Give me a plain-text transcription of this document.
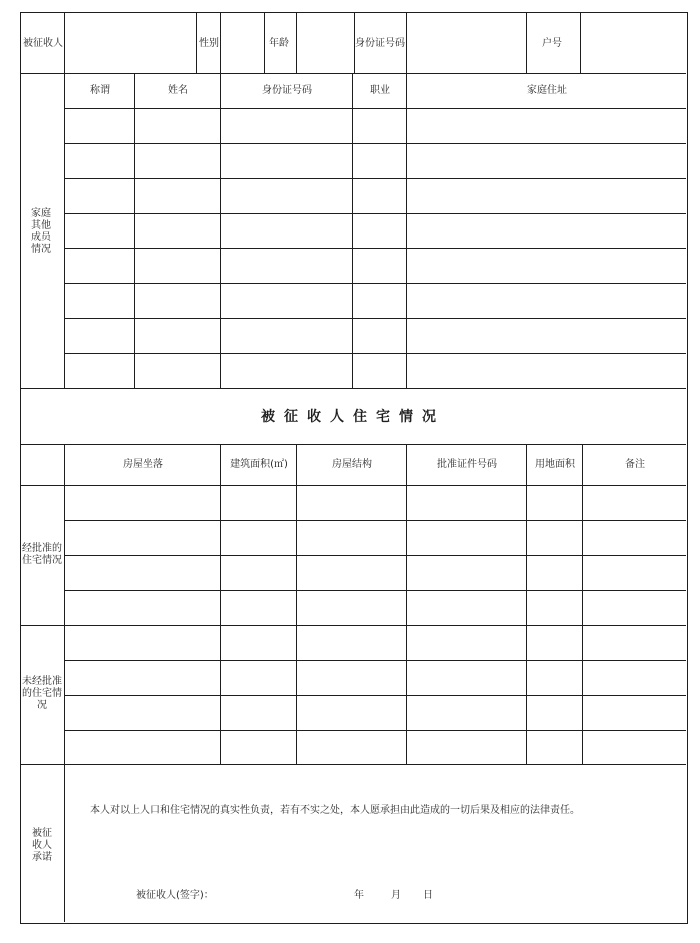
被征收人	性别	年龄	身份证号码	户号
家庭其他成员情况
称谓	姓名	身份证号码	职业	家庭住址
被征收人住宅情况
房屋坐落	建筑面积(㎡)	房屋结构	批准证件号码	用地面积	备注
经批准的住宅情况
未经批准的住宅情况
被征收人承诺
本人对以上人口和住宅情况的真实性负责，若有不实之处，本人愿承担由此造成的一切后果及相应的法律责任。
被征收人(签字)：	年	月 日
